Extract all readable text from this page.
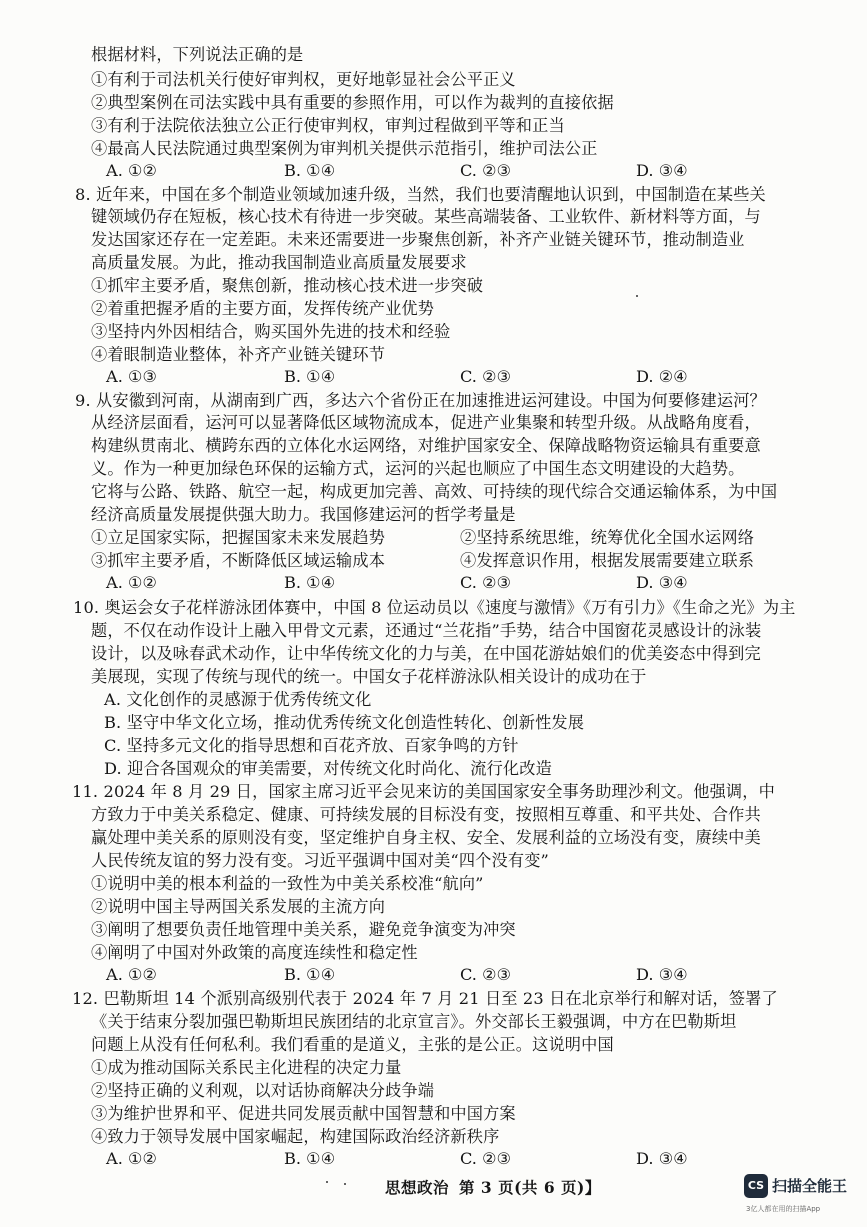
根据材料，下列说法正确的是
①有利于司法机关行使好审判权，更好地彰显社会公平正义
②典型案例在司法实践中具有重要的参照作用，可以作为裁判的直接依据
③有利于法院依法独立公正行使审判权，审判过程做到平等和正当
④最高人民法院通过典型案例为审判机关提供示范指引，维护司法公正
A. ①②	B. ①④	C. ②③	D. ③④
8. 近年来，中国在多个制造业领域加速升级，当然，我们也要清醒地认识到，中国制造在某些关
键领域仍存在短板，核心技术有待进一步突破。某些高端装备、工业软件、新材料等方面，与
发达国家还存在一定差距。未来还需要进一步聚焦创新，补齐产业链关键环节，推动制造业
高质量发展。为此，推动我国制造业高质量发展要求
①抓牢主要矛盾，聚焦创新，推动核心技术进一步突破
②着重把握矛盾的主要方面，发挥传统产业优势
③坚持内外因相结合，购买国外先进的技术和经验
④着眼制造业整体，补齐产业链关键环节
A. ①③	B. ①④	C. ②③	D. ②④
9. 从安徽到河南，从湖南到广西，多达六个省份正在加速推进运河建设。中国为何要修建运河？
从经济层面看，运河可以显著降低区域物流成本，促进产业集聚和转型升级。从战略角度看，
构建纵贯南北、横跨东西的立体化水运网络，对维护国家安全、保障战略物资运输具有重要意
义。作为一种更加绿色环保的运输方式，运河的兴起也顺应了中国生态文明建设的大趋势。
它将与公路、铁路、航空一起，构成更加完善、高效、可持续的现代综合交通运输体系，为中国
经济高质量发展提供强大助力。我国修建运河的哲学考量是
①立足国家实际，把握国家未来发展趋势	②坚持系统思维，统筹优化全国水运网络
③抓牢主要矛盾，不断降低区域运输成本	④发挥意识作用，根据发展需要建立联系
A. ①②	B. ①④	C. ②③	D. ③④
10. 奥运会女子花样游泳团体赛中，中国 8 位运动员以《速度与激情》《万有引力》《生命之光》为主
题，不仅在动作设计上融入甲骨文元素，还通过“兰花指”手势，结合中国窗花灵感设计的泳装
设计，以及咏春武术动作，让中华传统文化的力与美，在中国花游姑娘们的优美姿态中得到完
美展现，实现了传统与现代的统一。中国女子花样游泳队相关设计的成功在于
A. 文化创作的灵感源于优秀传统文化
B. 坚守中华文化立场，推动优秀传统文化创造性转化、创新性发展
C. 坚持多元文化的指导思想和百花齐放、百家争鸣的方针
D. 迎合各国观众的审美需要，对传统文化时尚化、流行化改造
11. 2024 年 8 月 29 日，国家主席习近平会见来访的美国国家安全事务助理沙利文。他强调，中
方致力于中美关系稳定、健康、可持续发展的目标没有变，按照相互尊重、和平共处、合作共
赢处理中美关系的原则没有变，坚定维护自身主权、安全、发展利益的立场没有变，赓续中美
人民传统友谊的努力没有变。习近平强调中国对美“四个没有变”
①说明中美的根本利益的一致性为中美关系校准“航向”
②说明中国主导两国关系发展的主流方向
③阐明了想要负责任地管理中美关系，避免竞争演变为冲突
④阐明了中国对外政策的高度连续性和稳定性
A. ①②	B. ①④	C. ②③	D. ③④
12. 巴勒斯坦 14 个派别高级别代表于 2024 年 7 月 21 日至 23 日在北京举行和解对话，签署了
《关于结束分裂加强巴勒斯坦民族团结的北京宣言》。外交部长王毅强调，中方在巴勒斯坦
问题上从没有任何私利。我们看重的是道义，主张的是公正。这说明中国
①成为推动国际关系民主化进程的决定力量
②坚持正确的义利观，以对话协商解决分歧争端
③为维护世界和平、促进共同发展贡献中国智慧和中国方案
④致力于领导发展中国家崛起，构建国际政治经济新秩序
A. ①②	B. ①④	C. ②③	D. ③④
思想政治 第 3 页(共 6 页)】	CS 扫描全能王
3亿人都在用的扫描App
